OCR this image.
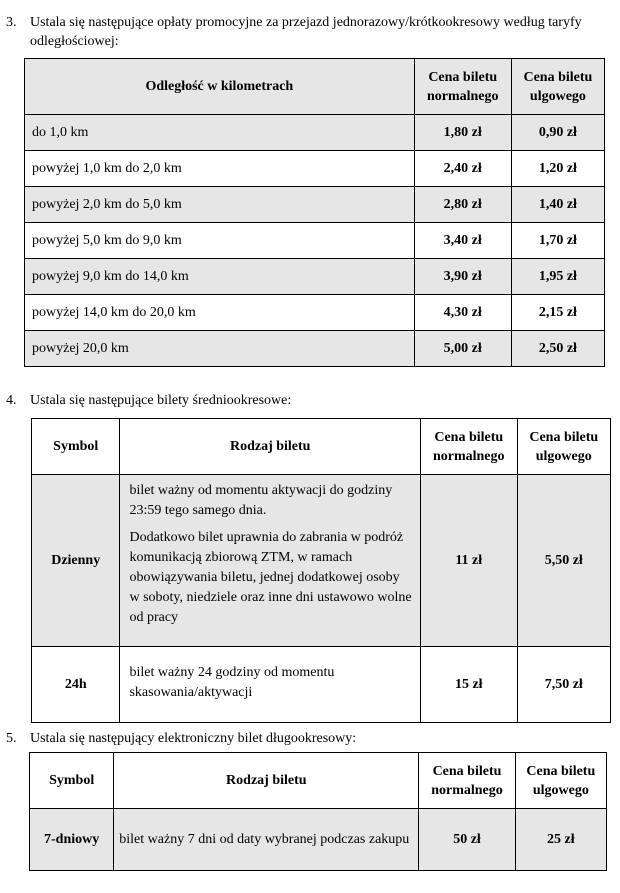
3. Ustala się następujące opłaty promocyjne za przejazd jednorazowy/krótkookresowy według taryfy
odległościowej:
Odległość w kilometrach	Cena biletu normalnego	Cena biletu ulgowego
do 1,0 km	1,80 zł	0,90 zł
powyżej 1,0 km do 2,0 km	2,40 zł	1,20 zł
powyżej 2,0 km do 5,0 km	2,80 zł	1,40 zł
powyżej 5,0 km do 9,0 km	3,40 zł	1,70 zł
powyżej 9,0 km do 14,0 km	3,90 zł	1,95 zł
powyżej 14,0 km do 20,0 km	4,30 zł	2,15 zł
powyżej 20,0 km	5,00 zł	2,50 zł
4. Ustala się następujące bilety średniookresowe:
Symbol	Rodzaj biletu	Cena biletu normalnego	Cena biletu ulgowego
Dzienny	bilet ważny od momentu aktywacji do godziny 23:59 tego samego dnia.

Dodatkowo bilet uprawnia do zabrania w podróż komunikacją zbiorową ZTM, w ramach obowiązywania biletu, jednej dodatkowej osoby w soboty, niedziele oraz inne dni ustawowo wolne od pracy	11 zł	5,50 zł
24h	bilet ważny 24 godziny od momentu skasowania/aktywacji	15 zł	7,50 zł
5. Ustala się następujący elektroniczny bilet długookresowy:
Symbol	Rodzaj biletu	Cena biletu normalnego	Cena biletu ulgowego
7-dniowy	bilet ważny 7 dni od daty wybranej podczas zakupu	50 zł	25 zł
